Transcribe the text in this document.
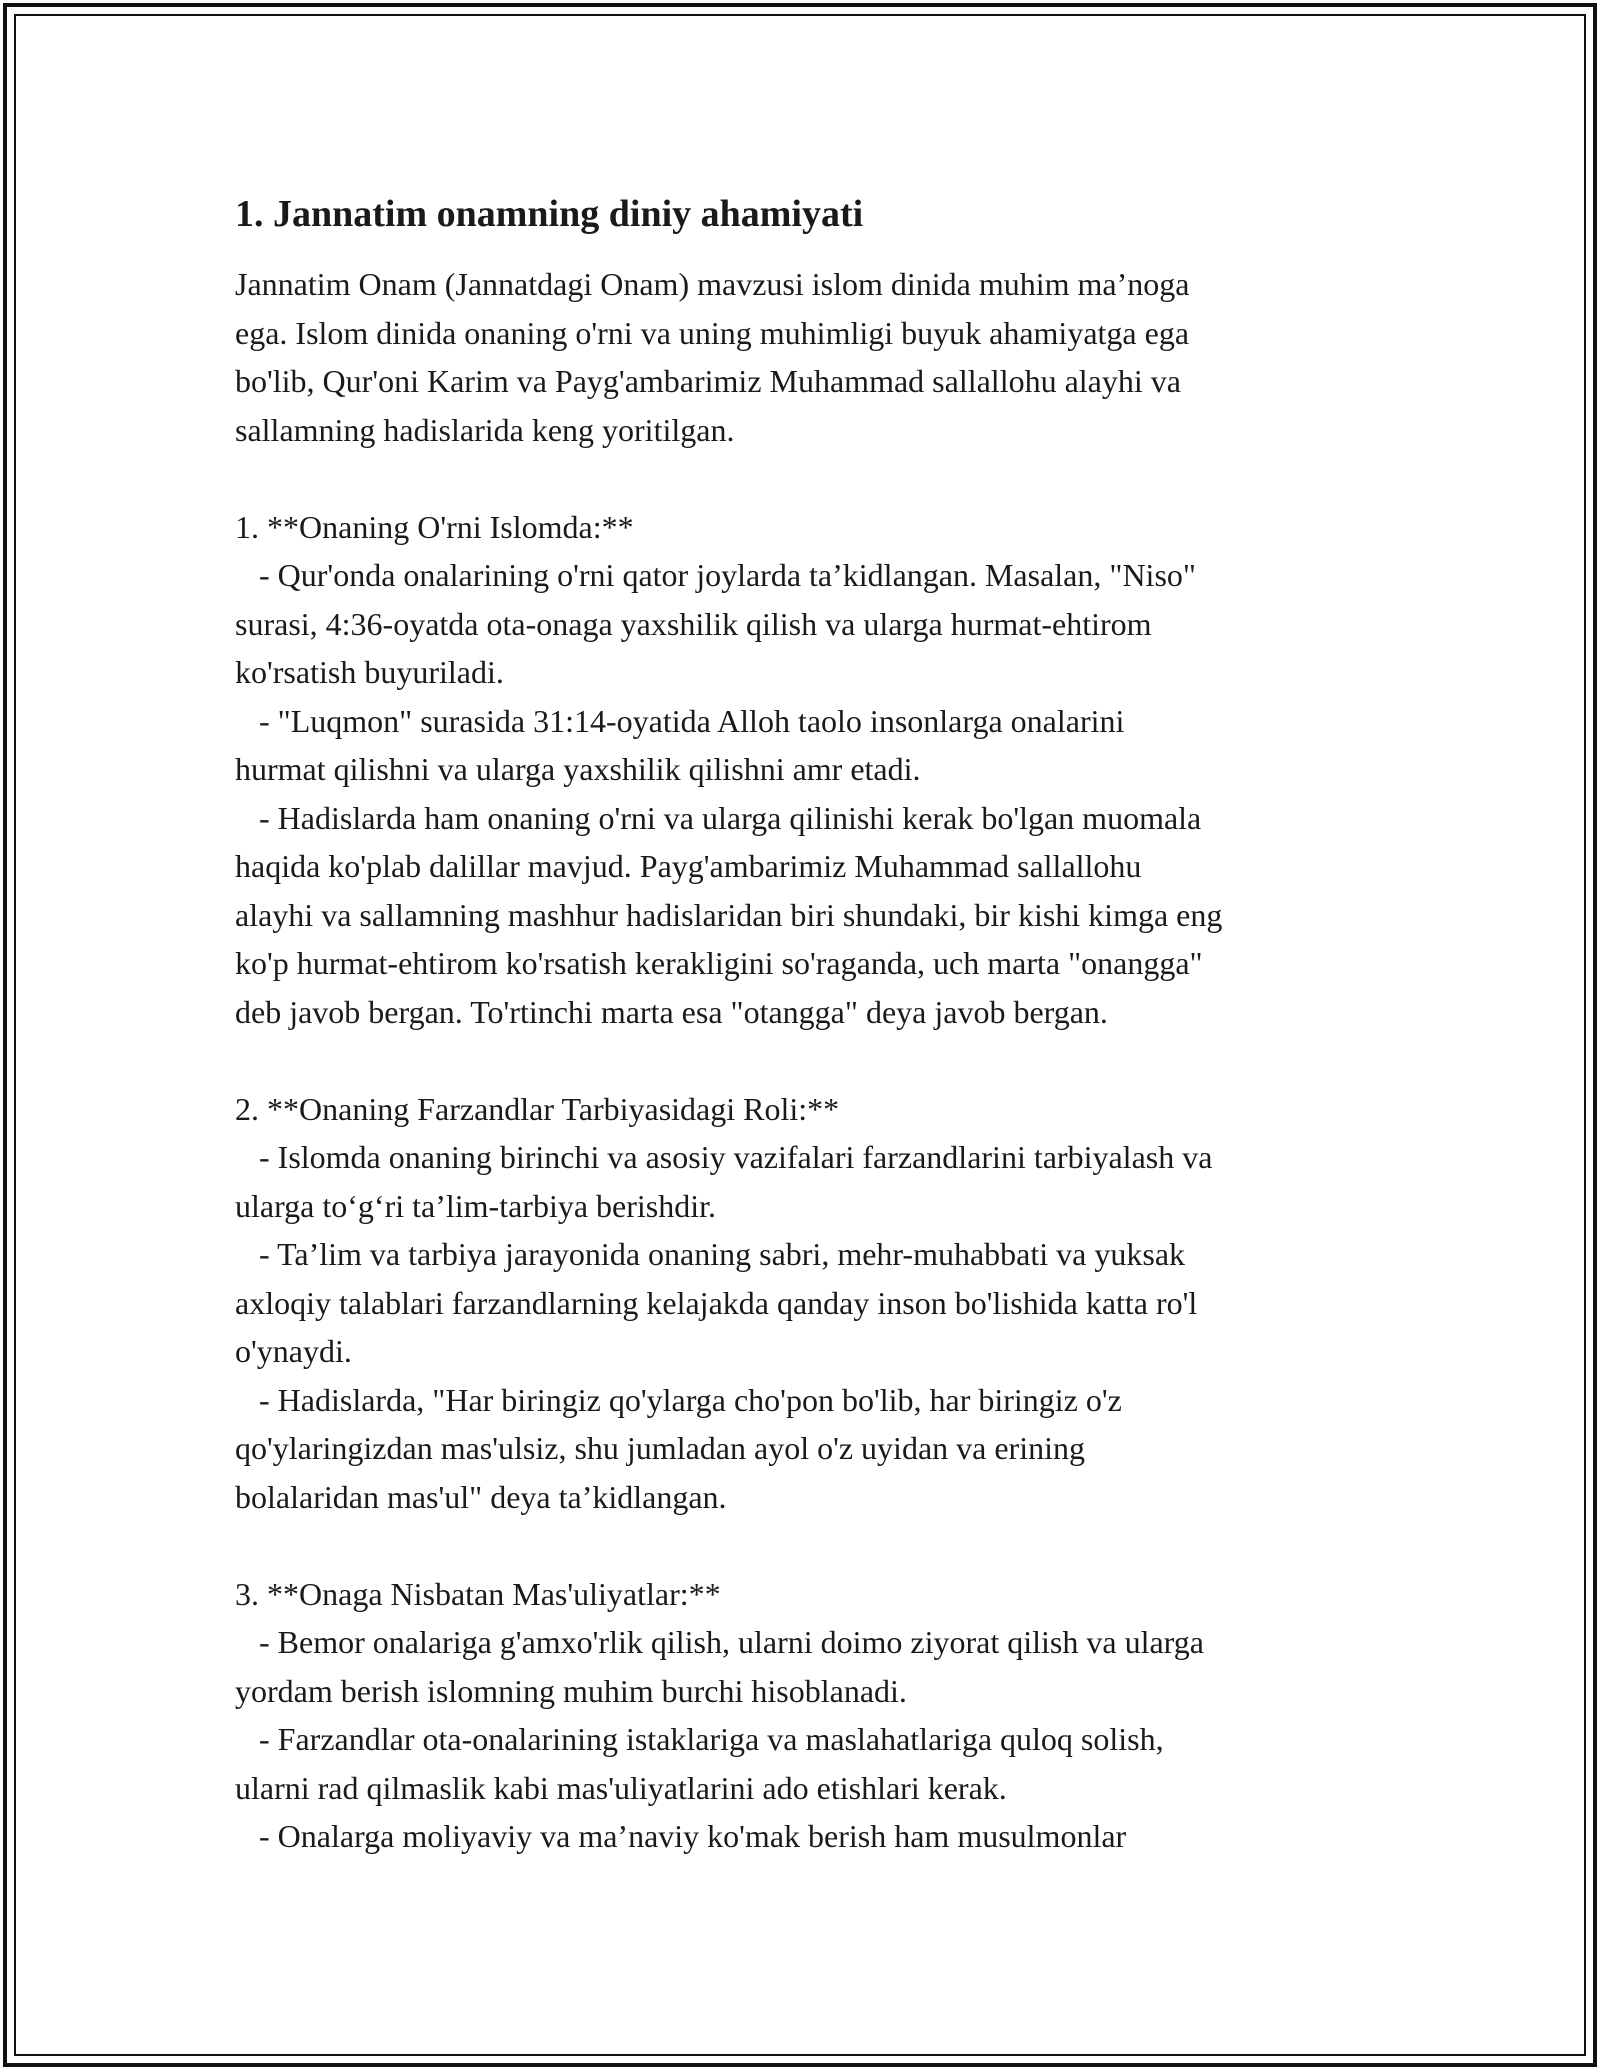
1. Jannatim onamning diniy ahamiyati
Jannatim Onam (Jannatdagi Onam) mavzusi islom dinida muhim ma’noga
ega. Islom dinida onaning o'rni va uning muhimligi buyuk ahamiyatga ega
bo'lib, Qur'oni Karim va Payg'ambarimiz Muhammad sallallohu alayhi va
sallamning hadislarida keng yoritilgan.
1. **Onaning O'rni Islomda:**
- Qur'onda onalarining o'rni qator joylarda ta’kidlangan. Masalan, "Niso"
surasi, 4:36-oyatda ota-onaga yaxshilik qilish va ularga hurmat-ehtirom
ko'rsatish buyuriladi.
- "Luqmon" surasida 31:14-oyatida Alloh taolo insonlarga onalarini
hurmat qilishni va ularga yaxshilik qilishni amr etadi.
- Hadislarda ham onaning o'rni va ularga qilinishi kerak bo'lgan muomala
haqida ko'plab dalillar mavjud. Payg'ambarimiz Muhammad sallallohu
alayhi va sallamning mashhur hadislaridan biri shundaki, bir kishi kimga eng
ko'p hurmat-ehtirom ko'rsatish kerakligini so'raganda, uch marta "onangga"
deb javob bergan. To'rtinchi marta esa "otangga" deya javob bergan.
2. **Onaning Farzandlar Tarbiyasidagi Roli:**
- Islomda onaning birinchi va asosiy vazifalari farzandlarini tarbiyalash va
ularga to‘g‘ri ta’lim-tarbiya berishdir.
- Ta’lim va tarbiya jarayonida onaning sabri, mehr-muhabbati va yuksak
axloqiy talablari farzandlarning kelajakda qanday inson bo'lishida katta ro'l
o'ynaydi.
- Hadislarda, "Har biringiz qo'ylarga cho'pon bo'lib, har biringiz o'z
qo'ylaringizdan mas'ulsiz, shu jumladan ayol o'z uyidan va erining
bolalaridan mas'ul" deya ta’kidlangan.
3. **Onaga Nisbatan Mas'uliyatlar:**
- Bemor onalariga g'amxo'rlik qilish, ularni doimo ziyorat qilish va ularga
yordam berish islomning muhim burchi hisoblanadi.
- Farzandlar ota-onalarining istaklariga va maslahatlariga quloq solish,
ularni rad qilmaslik kabi mas'uliyatlarini ado etishlari kerak.
- Onalarga moliyaviy va ma’naviy ko'mak berish ham musulmonlar
